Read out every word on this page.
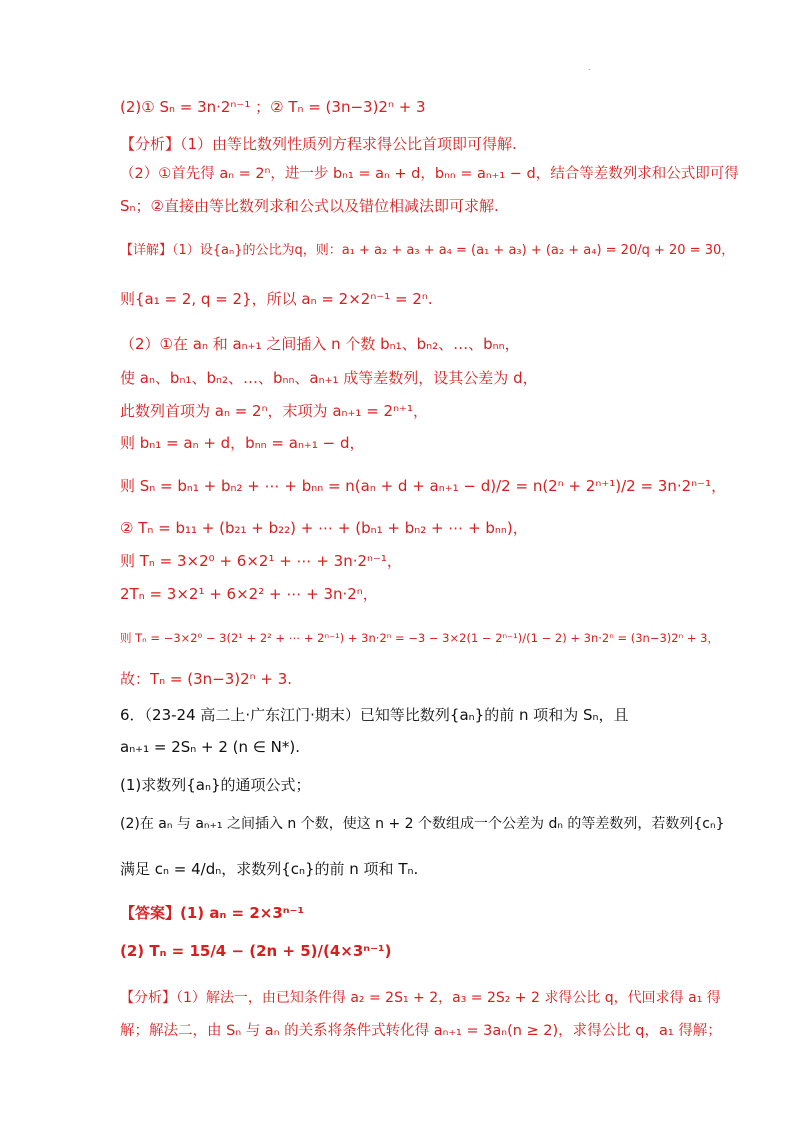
.
(2)① Sₙ = 3n·2ⁿ⁻¹ ；② Tₙ = (3n−3)2ⁿ + 3
【分析】（1）由等比数列性质列方程求得公比首项即可得解.
（2）①首先得 aₙ = 2ⁿ，进一步 bₙ₁ = aₙ + d，bₙₙ = aₙ₊₁ − d，结合等差数列求和公式即可得
Sₙ；②直接由等比数列求和公式以及错位相减法即可求解.
【详解】（1）设{aₙ}的公比为q，则：a₁ + a₂ + a₃ + a₄ = (a₁ + a₃) + (a₂ + a₄) = 20/q + 20 = 30，
则{a₁ = 2, q = 2}，所以 aₙ = 2×2ⁿ⁻¹ = 2ⁿ.
（2）①在 aₙ 和 aₙ₊₁ 之间插入 n 个数 bₙ₁、bₙ₂、…、bₙₙ，
使 aₙ、bₙ₁、bₙ₂、…、bₙₙ、aₙ₊₁ 成等差数列，设其公差为 d，
此数列首项为 aₙ = 2ⁿ，末项为 aₙ₊₁ = 2ⁿ⁺¹，
则 bₙ₁ = aₙ + d，bₙₙ = aₙ₊₁ − d，
则 Sₙ = bₙ₁ + bₙ₂ + ⋯ + bₙₙ = n(aₙ + d + aₙ₊₁ − d)/2 = n(2ⁿ + 2ⁿ⁺¹)/2 = 3n·2ⁿ⁻¹，
② Tₙ = b₁₁ + (b₂₁ + b₂₂) + ⋯ + (bₙ₁ + bₙ₂ + ⋯ + bₙₙ)，
则 Tₙ = 3×2⁰ + 6×2¹ + ⋯ + 3n·2ⁿ⁻¹，
2Tₙ = 3×2¹ + 6×2² + ⋯ + 3n·2ⁿ，
则 Tₙ = −3×2⁰ − 3(2¹ + 2² + ⋯ + 2ⁿ⁻¹) + 3n·2ⁿ = −3 − 3×2(1 − 2ⁿ⁻¹)/(1 − 2) + 3n·2ⁿ = (3n−3)2ⁿ + 3，
故：Tₙ = (3n−3)2ⁿ + 3.
6．（23-24 高二上·广东江门·期末）已知等比数列{aₙ}的前 n 项和为 Sₙ，且
aₙ₊₁ = 2Sₙ + 2 (n ∈ N*).
(1)求数列{aₙ}的通项公式；
(2)在 aₙ 与 aₙ₊₁ 之间插入 n 个数，使这 n + 2 个数组成一个公差为 dₙ 的等差数列，若数列{cₙ}
满足 cₙ = 4/dₙ，求数列{cₙ}的前 n 项和 Tₙ.
【答案】(1) aₙ = 2×3ⁿ⁻¹
(2) Tₙ = 15/4 − (2n + 5)/(4×3ⁿ⁻¹)
【分析】（1）解法一，由已知条件得 a₂ = 2S₁ + 2，a₃ = 2S₂ + 2 求得公比 q，代回求得 a₁ 得
解；解法二，由 Sₙ 与 aₙ 的关系将条件式转化得 aₙ₊₁ = 3aₙ(n ≥ 2)，求得公比 q，a₁ 得解；
